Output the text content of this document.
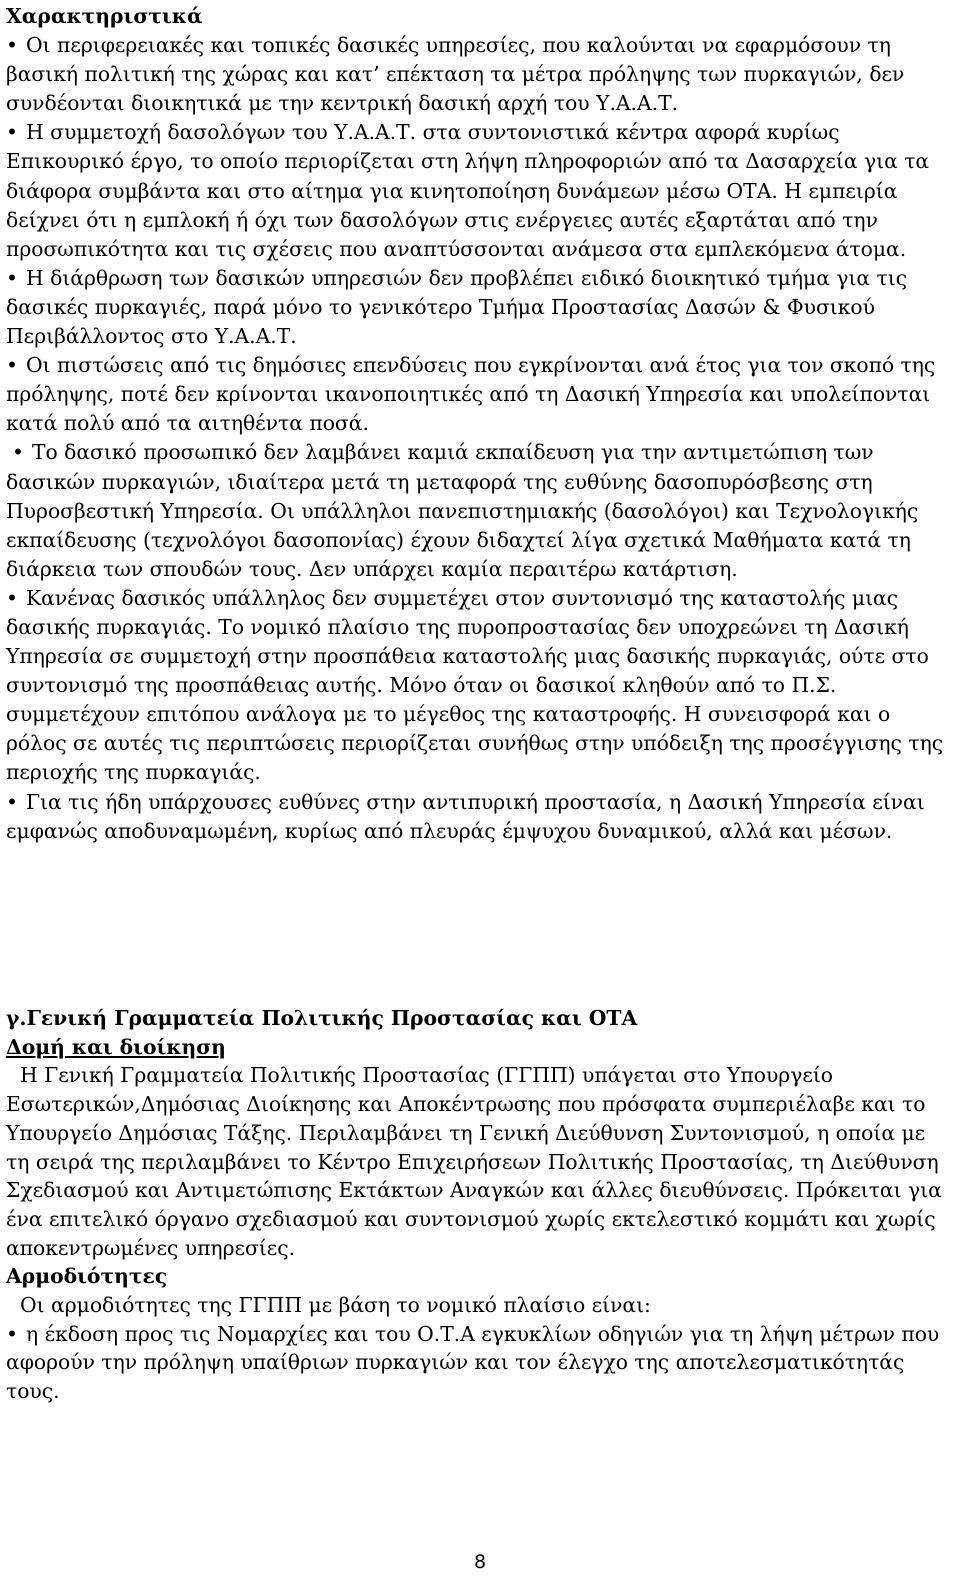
Χαρακτηριστικά

• Οι περιφερειακές και τοπικές δασικές υπηρεσίες, που καλούνται να εφαρμόσουν τη βασική πολιτική της χώρας και κατ’ επέκταση τα μέτρα πρόληψης των πυρκαγιών, δεν συνδέονται διοικητικά με την κεντρική δασική αρχή του Υ.Α.Α.Τ.

• Η συμμετοχή δασολόγων του Υ.Α.Α.Τ. στα συντονιστικά κέντρα αφορά κυρίως Επικουρικό έργο, το οποίο περιορίζεται στη λήψη πληροφοριών από τα Δασαρχεία για τα διάφορα συμβάντα και στο αίτημα για κινητοποίηση δυνάμεων μέσω ΟΤΑ. Η εμπειρία δείχνει ότι η εμπλοκή ή όχι των δασολόγων στις ενέργειες αυτές εξαρτάται από την προσωπικότητα και τις σχέσεις που αναπτύσσονται ανάμεσα στα εμπλεκόμενα άτομα.

• Η διάρθρωση των δασικών υπηρεσιών δεν προβλέπει ειδικό διοικητικό τμήμα για τις δασικές πυρκαγιές, παρά μόνο το γενικότερο Τμήμα Προστασίας Δασών & Φυσικού Περιβάλλοντος στο Υ.Α.Α.Τ.

• Οι πιστώσεις από τις δημόσιες επενδύσεις που εγκρίνονται ανά έτος για τον σκοπό της πρόληψης, ποτέ δεν κρίνονται ικανοποιητικές από τη Δασική Υπηρεσία και υπολείπονται κατά πολύ από τα αιτηθέντα ποσά.

• Το δασικό προσωπικό δεν λαμβάνει καμιά εκπαίδευση για την αντιμετώπιση των δασικών πυρκαγιών, ιδιαίτερα μετά τη μεταφορά της ευθύνης δασοπυρόσβεσης στη Πυροσβεστική Υπηρεσία. Οι υπάλληλοι πανεπιστημιακής (δασολόγοι) και Τεχνολογικής εκπαίδευσης (τεχνολόγοι δασοπονίας) έχουν διδαχτεί λίγα σχετικά Μαθήματα κατά τη διάρκεια των σπουδών τους. Δεν υπάρχει καμία περαιτέρω κατάρτιση.

• Κανένας δασικός υπάλληλος δεν συμμετέχει στον συντονισμό της καταστολής μιας δασικής πυρκαγιάς. Το νομικό πλαίσιο της πυροπροστασίας δεν υποχρεώνει τη Δασική Υπηρεσία σε συμμετοχή στην προσπάθεια καταστολής μιας δασικής πυρκαγιάς, ούτε στο συντονισμό της προσπάθειας αυτής. Μόνο όταν οι δασικοί κληθούν από το Π.Σ. συμμετέχουν επιτόπου ανάλογα με το μέγεθος της καταστροφής. Η συνεισφορά και ο ρόλος σε αυτές τις περιπτώσεις περιορίζεται συνήθως στην υπόδειξη της προσέγγισης της περιοχής της πυρκαγιάς.

• Για τις ήδη υπάρχουσες ευθύνες στην αντιπυρική προστασία, η Δασική Υπηρεσία είναι εμφανώς αποδυναμωμένη, κυρίως από πλευράς έμψυχου δυναμικού, αλλά και μέσων.

γ.Γενική Γραμματεία Πολιτικής Προστασίας και ΟΤΑ
Δομή και διοίκηση

Η Γενική Γραμματεία Πολιτικής Προστασίας (ΓΓΠΠ) υπάγεται στο Υπουργείο Εσωτερικών,Δημόσιας Διοίκησης και Αποκέντρωσης που πρόσφατα συμπεριέλαβε και το Υπουργείο Δημόσιας Τάξης. Περιλαμβάνει τη Γενική Διεύθυνση Συντονισμού, η οποία με τη σειρά της περιλαμβάνει το Κέντρο Επιχειρήσεων Πολιτικής Προστασίας, τη Διεύθυνση Σχεδιασμού και Αντιμετώπισης Εκτάκτων Αναγκών και άλλες διευθύνσεις. Πρόκειται για ένα επιτελικό όργανο σχεδιασμού και συντονισμού χωρίς εκτελεστικό κομμάτι και χωρίς αποκεντρωμένες υπηρεσίες.

Αρμοδιότητες

Οι αρμοδιότητες της ΓΓΠΠ με βάση το νομικό πλαίσιο είναι:

• η έκδοση προς τις Νομαρχίες και του Ο.Τ.Α εγκυκλίων οδηγιών για τη λήψη μέτρων που αφορούν την πρόληψη υπαίθριων πυρκαγιών και τον έλεγχο της αποτελεσματικότητάς τους.

8
